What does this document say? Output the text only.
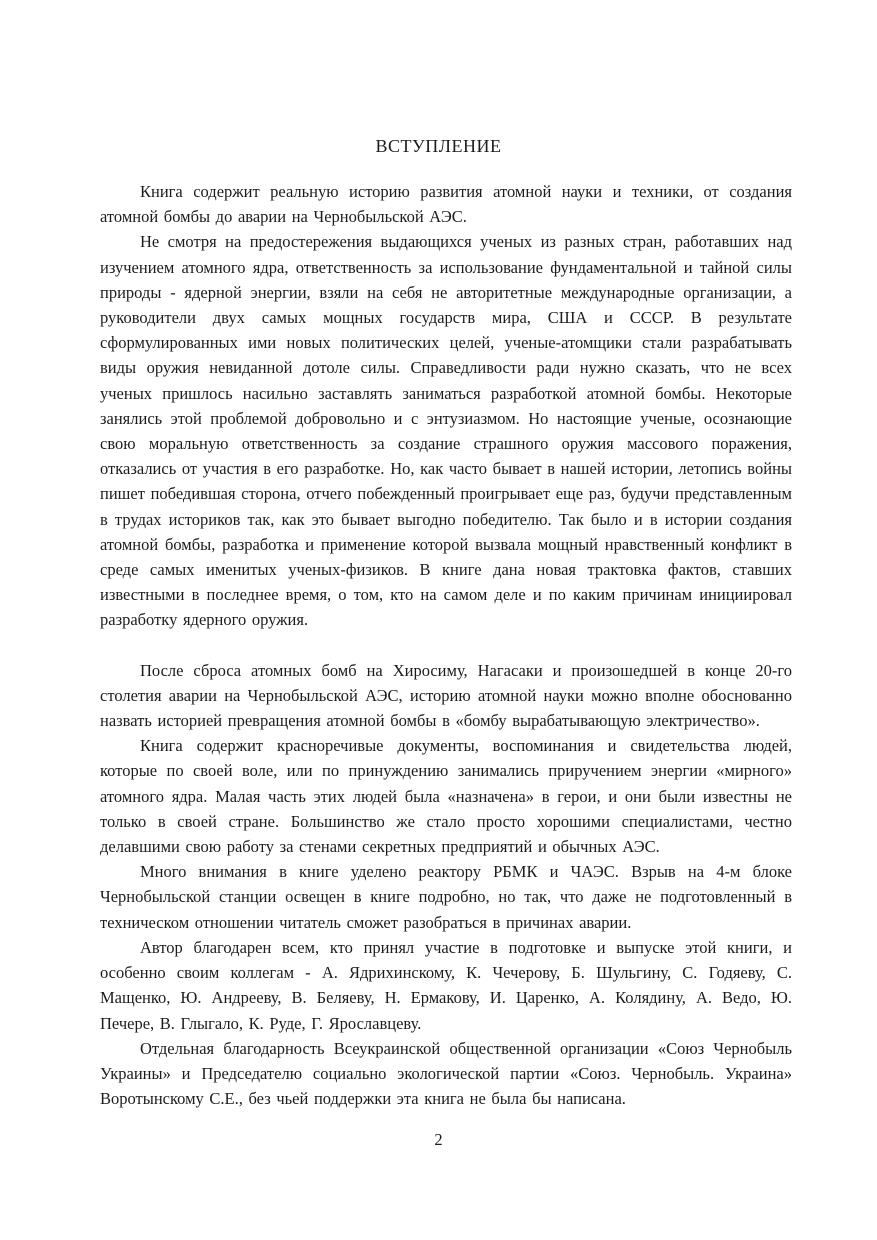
ВСТУПЛЕНИЕ

Книга содержит реальную историю развития атомной науки и техники, от создания атомной бомбы до аварии на Чернобыльской АЭС.

Не смотря на предостережения выдающихся ученых из разных стран, работавших над изучением атомного ядра, ответственность за использование фундаментальной и тайной силы природы - ядерной энергии, взяли на себя не авторитетные международные организации, а руководители двух самых мощных государств мира, США и СССР. В результате сформулированных ими новых политических целей, ученые-атомщики стали разрабатывать виды оружия невиданной дотоле силы. Справедливости ради нужно сказать, что не всех ученых пришлось насильно заставлять заниматься разработкой атомной бомбы. Некоторые занялись этой проблемой добровольно и с энтузиазмом. Но настоящие ученые, осознающие свою моральную ответственность за создание страшного оружия массового поражения, отказались от участия в его разработке. Но, как часто бывает в нашей истории, летопись войны пишет победившая сторона, отчего побежденный проигрывает еще раз, будучи представленным в трудах историков так, как это бывает выгодно победителю. Так было и в истории создания атомной бомбы, разработка и применение которой вызвала мощный нравственный конфликт в среде самых именитых ученых-физиков. В книге дана новая трактовка фактов, ставших известными в последнее время, о том, кто на самом деле и по каким причинам инициировал разработку ядерного оружия.

После сброса атомных бомб на Хиросиму, Нагасаки и произошедшей в конце 20-го столетия аварии на Чернобыльской АЭС, историю атомной науки можно вполне обоснованно назвать историей превращения атомной бомбы в «бомбу вырабатывающую электричество».

Книга содержит красноречивые документы, воспоминания и свидетельства людей, которые по своей воле, или по принуждению занимались приручением энергии «мирного» атомного ядра. Малая часть этих людей была «назначена» в герои, и они были известны не только в своей стране. Большинство же стало просто хорошими специалистами, честно делавшими свою работу за стенами секретных предприятий и обычных АЭС.

Много внимания в книге уделено реактору РБМК и ЧАЭС. Взрыв на 4-м блоке Чернобыльской станции освещен в книге подробно, но так, что даже не подготовленный в техническом отношении читатель сможет разобраться в причинах аварии.

Автор благодарен всем, кто принял участие в подготовке и выпуске этой книги, и особенно своим коллегам - А. Ядрихинскому, К. Чечерову, Б. Шульгину, С. Годяеву, С. Мащенко, Ю. Андрееву, В. Беляеву, Н. Ермакову, И. Царенко, А. Колядину, А. Ведо, Ю. Печере, В. Глыгало, К. Руде, Г. Ярославцеву.

Отдельная благодарность Всеукраинской общественной организации «Союз Чернобыль Украины» и Председателю социально экологической партии «Союз. Чернобыль. Украина» Воротынскому С.Е., без чьей поддержки эта книга не была бы написана.

2
